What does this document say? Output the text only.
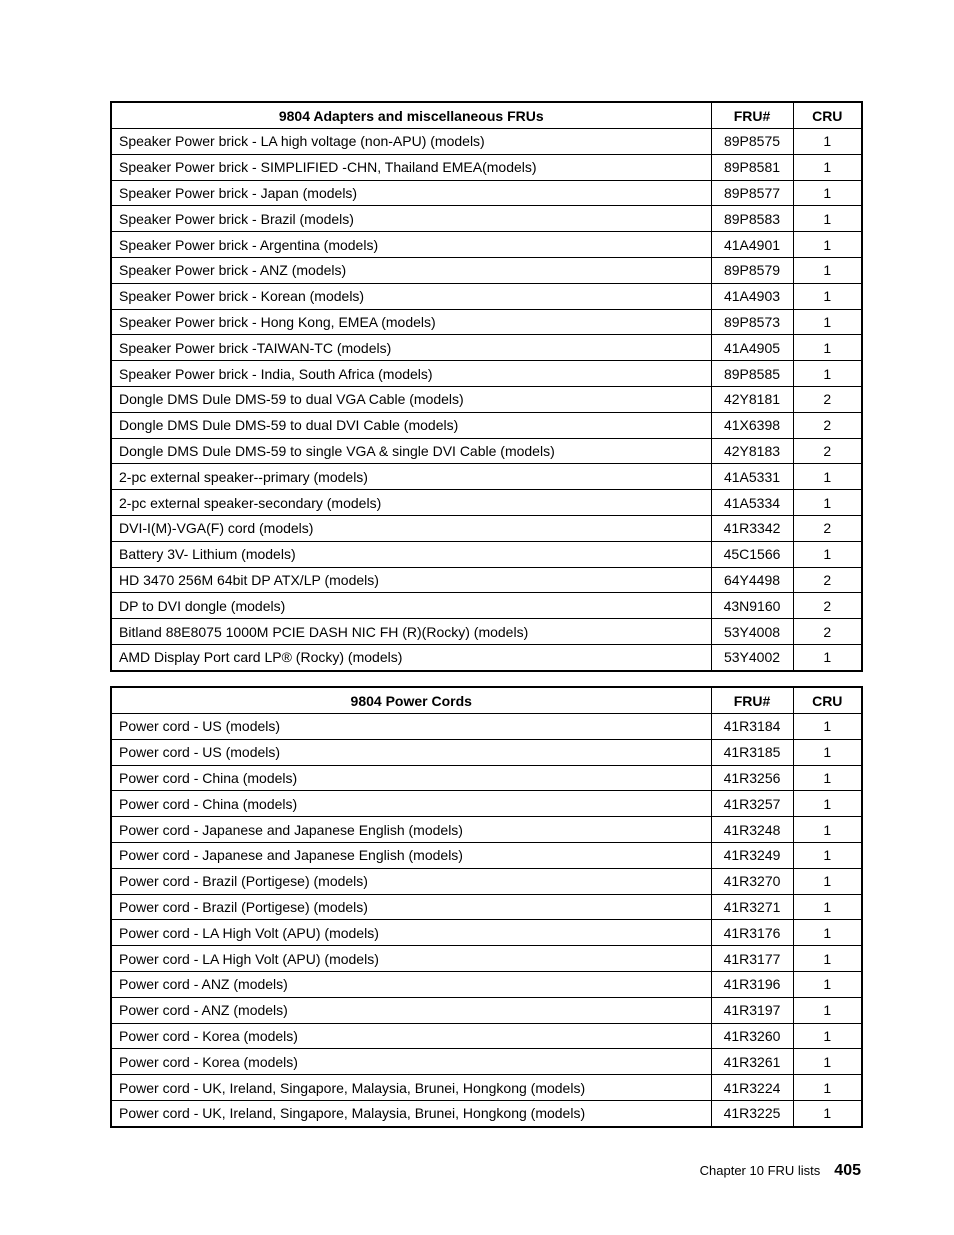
9804 Adapters and miscellaneous FRUs	FRU#	CRU
Speaker Power brick - LA high voltage (non-APU) (models)	89P8575	1
Speaker Power brick - SIMPLIFIED -CHN, Thailand EMEA(models)	89P8581	1
Speaker Power brick - Japan (models)	89P8577	1
Speaker Power brick - Brazil (models)	89P8583	1
Speaker Power brick - Argentina (models)	41A4901	1
Speaker Power brick - ANZ (models)	89P8579	1
Speaker Power brick - Korean (models)	41A4903	1
Speaker Power brick - Hong Kong, EMEA (models)	89P8573	1
Speaker Power brick -TAIWAN-TC (models)	41A4905	1
Speaker Power brick - India, South Africa (models)	89P8585	1
Dongle DMS Dule DMS-59 to dual VGA Cable (models)	42Y8181	2
Dongle DMS Dule DMS-59 to dual DVI Cable (models)	41X6398	2
Dongle DMS Dule DMS-59 to single VGA & single DVI Cable (models)	42Y8183	2
2-pc external speaker--primary (models)	41A5331	1
2-pc external speaker-secondary (models)	41A5334	1
DVI-I(M)-VGA(F) cord (models)	41R3342	2
Battery 3V- Lithium (models)	45C1566	1
HD 3470 256M 64bit DP ATX/LP (models)	64Y4498	2
DP to DVI dongle (models)	43N9160	2
Bitland 88E8075 1000M PCIE DASH NIC FH (R)(Rocky) (models)	53Y4008	2
AMD Display Port card LP® (Rocky) (models)	53Y4002	1
9804 Power Cords	FRU#	CRU
Power cord - US (models)	41R3184	1
Power cord - US (models)	41R3185	1
Power cord - China (models)	41R3256	1
Power cord - China (models)	41R3257	1
Power cord - Japanese and Japanese English (models)	41R3248	1
Power cord - Japanese and Japanese English (models)	41R3249	1
Power cord - Brazil (Portigese) (models)	41R3270	1
Power cord - Brazil (Portigese) (models)	41R3271	1
Power cord - LA High Volt (APU) (models)	41R3176	1
Power cord - LA High Volt (APU) (models)	41R3177	1
Power cord - ANZ (models)	41R3196	1
Power cord - ANZ (models)	41R3197	1
Power cord - Korea (models)	41R3260	1
Power cord - Korea (models)	41R3261	1
Power cord - UK, Ireland, Singapore, Malaysia, Brunei, Hongkong (models)	41R3224	1
Power cord - UK, Ireland, Singapore, Malaysia, Brunei, Hongkong (models)	41R3225	1
Chapter 10 FRU lists 405
